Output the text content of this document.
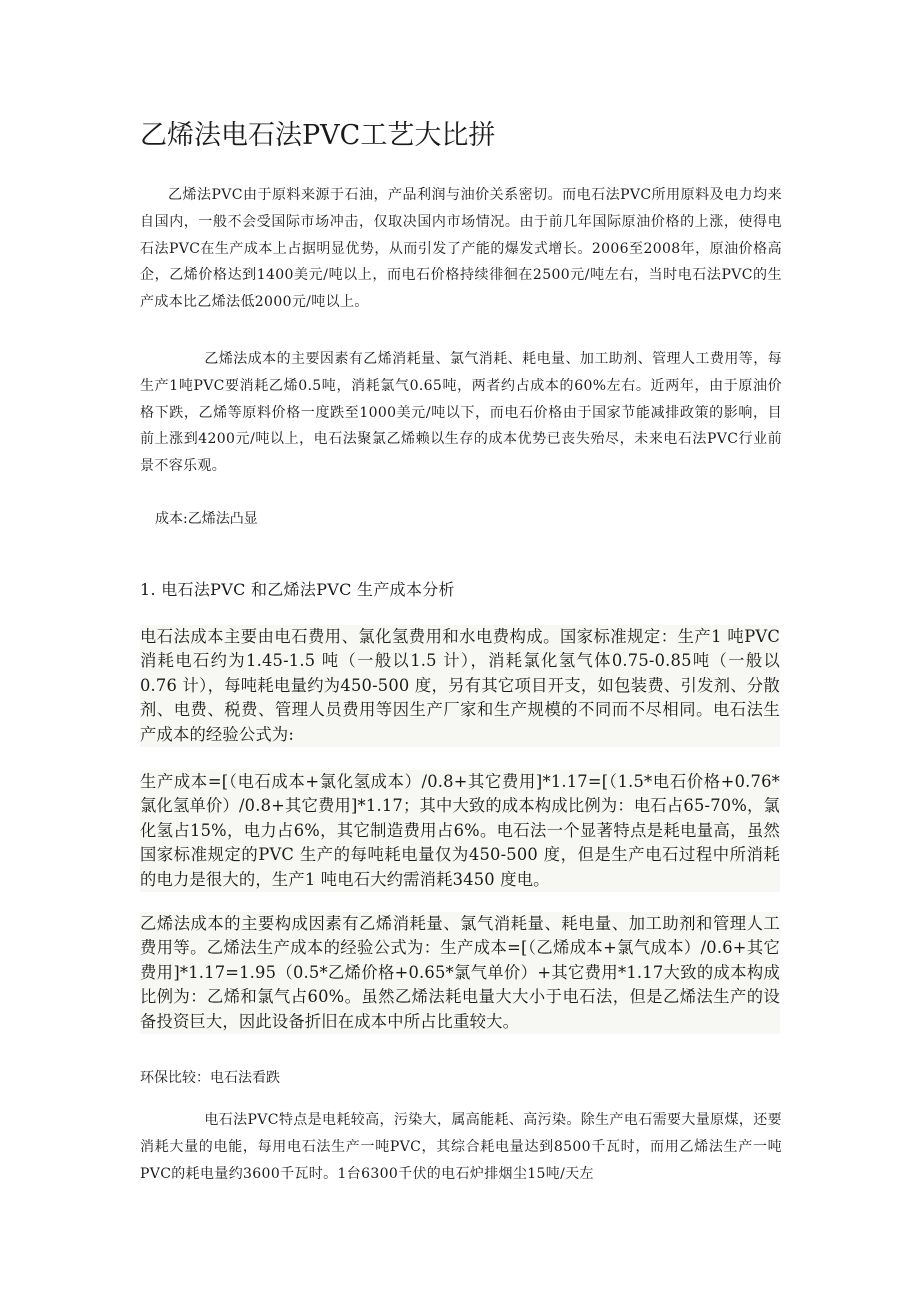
乙烯法电石法PVC工艺大比拼
乙烯法PVC由于原料来源于石油，产品利润与油价关系密切。而电石法PVC所用原料及电力均来自国内，一般不会受国际市场冲击，仅取决国内市场情况。由于前几年国际原油价格的上涨，使得电石法PVC在生产成本上占据明显优势，从而引发了产能的爆发式增长。2006至2008年，原油价格高企，乙烯价格达到1400美元/吨以上，而电石价格持续徘徊在2500元/吨左右，当时电石法PVC的生产成本比乙烯法低2000元/吨以上。
乙烯法成本的主要因素有乙烯消耗量、氯气消耗、耗电量、加工助剂、管理人工费用等，每生产1吨PVC要消耗乙烯0.5吨，消耗氯气0.65吨，两者约占成本的60%左右。近两年，由于原油价格下跌，乙烯等原料价格一度跌至1000美元/吨以下，而电石价格由于国家节能减排政策的影响，目前上涨到4200元/吨以上，电石法聚氯乙烯赖以生存的成本优势已丧失殆尽，未来电石法PVC行业前景不容乐观。
成本:乙烯法凸显
1. 电石法PVC 和乙烯法PVC 生产成本分析
电石法成本主要由电石费用、氯化氢费用和水电费构成。国家标准规定：生产1 吨PVC 消耗电石约为1.45-1.5 吨（一般以1.5 计），消耗氯化氢气体0.75-0.85吨（一般以0.76 计），每吨耗电量约为450-500 度，另有其它项目开支，如包装费、引发剂、分散剂、电费、税费、管理人员费用等因生产厂家和生产规模的不同而不尽相同。电石法生产成本的经验公式为:
生产成本=[（电石成本+氯化氢成本）/0.8+其它费用]*1.17=[（1.5*电石价格+0.76*氯化氢单价）/0.8+其它费用]*1.17；其中大致的成本构成比例为：电石占65-70%，氯化氢占15%，电力占6%，其它制造费用占6%。电石法一个显著特点是耗电量高，虽然国家标准规定的PVC 生产的每吨耗电量仅为450-500 度，但是生产电石过程中所消耗的电力是很大的，生产1 吨电石大约需消耗3450 度电。
乙烯法成本的主要构成因素有乙烯消耗量、氯气消耗量、耗电量、加工助剂和管理人工费用等。乙烯法生产成本的经验公式为：生产成本=[（乙烯成本+氯气成本）/0.6+其它费用]*1.17=1.95（0.5*乙烯价格+0.65*氯气单价）+其它费用*1.17大致的成本构成比例为：乙烯和氯气占60%。虽然乙烯法耗电量大大小于电石法，但是乙烯法生产的设备投资巨大，因此设备折旧在成本中所占比重较大。
环保比较：电石法看跌
电石法PVC特点是电耗较高，污染大，属高能耗、高污染。除生产电石需要大量原煤，还要消耗大量的电能，每用电石法生产一吨PVC，其综合耗电量达到8500千瓦时，而用乙烯法生产一吨PVC的耗电量约3600千瓦时。1台6300千伏的电石炉排烟尘15吨/天左
